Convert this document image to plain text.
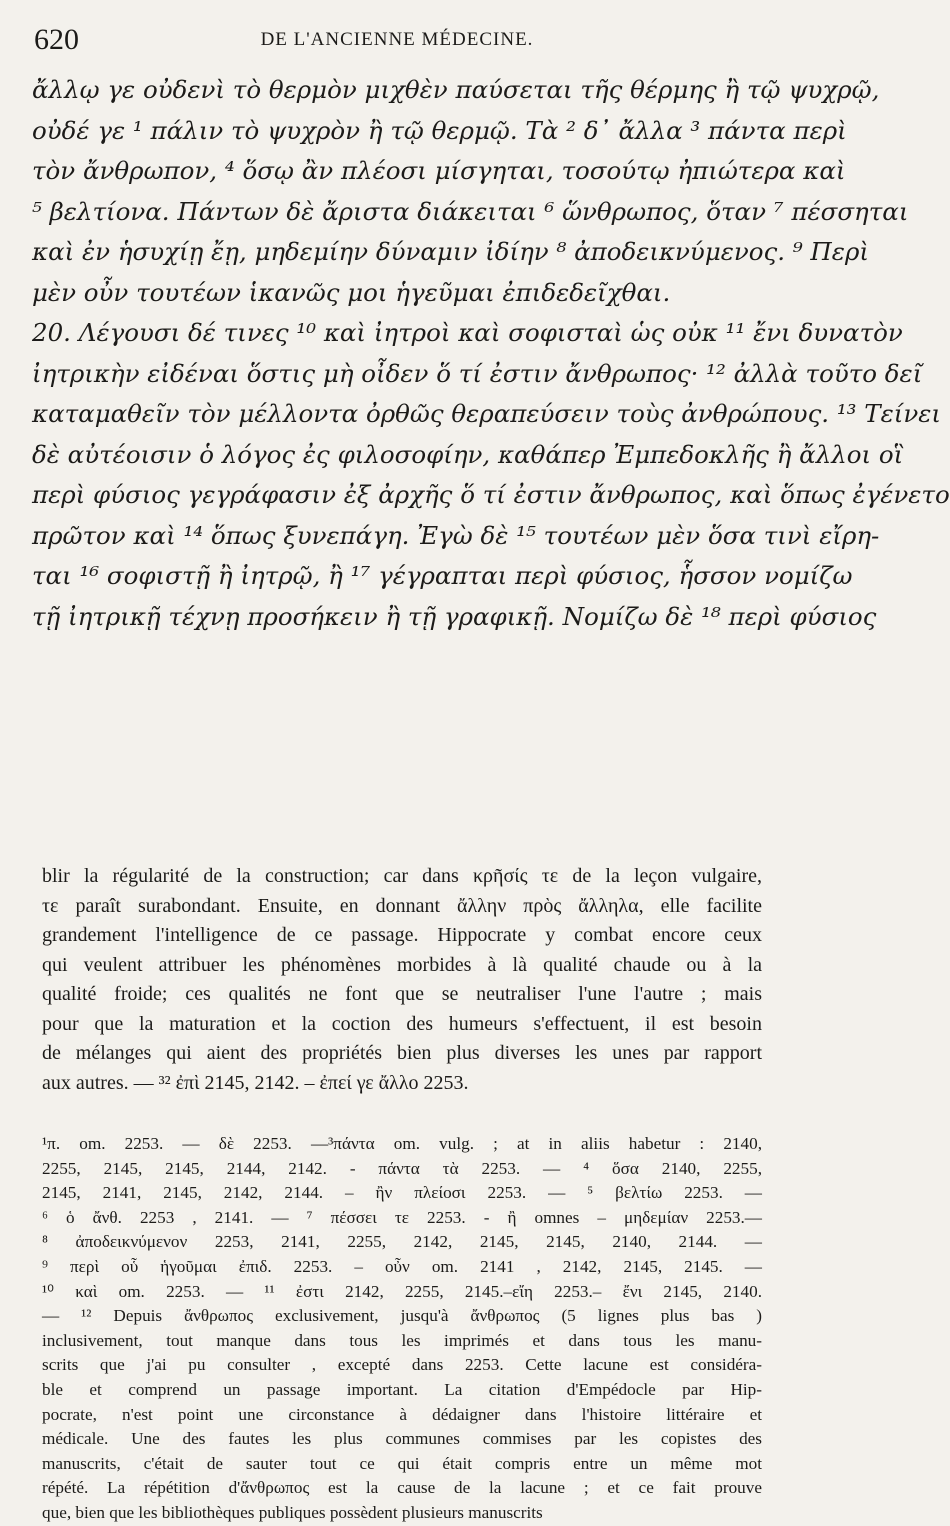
620	DE L'ANCIENNE MÉDECINE.
ἄλλῳ γε οὐδενὶ τὸ θερμὸν μιχθὲν παύσεται τῆς θέρμης ἢ τῷ ψυχρῷ,
οὐδέ γε ¹ πάλιν τὸ ψυχρὸν ἢ τῷ θερμῷ. Τὰ ² δ᾽ ἄλλα ³ πάντα περὶ
τὸν ἄνθρωπον, ⁴ ὅσῳ ἂν πλέοσι μίσγηται, τοσούτῳ ἠπιώτερα καὶ
⁵ βελτίονα. Πάντων δὲ ἄριστα διάκειται ⁶ ὥνθρωπος, ὅταν ⁷ πέσσηται
καὶ ἐν ἡσυχίῃ ἔῃ, μηδεμίην δύναμιν ἰδίην ⁸ ἀποδεικνύμενος. ⁹ Περὶ
μὲν οὖν τουτέων ἱκανῶς μοι ἡγεῦμαι ἐπιδεδεῖχθαι.
20. Λέγουσι δέ τινες ¹⁰ καὶ ἰητροὶ καὶ σοφισταὶ ὡς οὐκ ¹¹ ἔνι δυνατὸν
ἰητρικὴν εἰδέναι ὅστις μὴ οἶδεν ὅ τί ἐστιν ἄνθρωπος· ¹² ἀλλὰ τοῦτο δεῖ
καταμαθεῖν τὸν μέλλοντα ὀρθῶς θεραπεύσειν τοὺς ἀνθρώπους. ¹³ Τείνει
δὲ αὐτέοισιν ὁ λόγος ἐς φιλοσοφίην, καθάπερ Ἐμπεδοκλῆς ἢ ἄλλοι οἳ
περὶ φύσιος γεγράφασιν ἐξ ἀρχῆς ὅ τί ἐστιν ἄνθρωπος, καὶ ὅπως ἐγένετο
πρῶτον καὶ ¹⁴ ὅπως ξυνεπάγη. Ἐγὼ δὲ ¹⁵ τουτέων μὲν ὅσα τινὶ εἴρη-
ται ¹⁶ σοφιστῇ ἢ ἰητρῷ, ἢ ¹⁷ γέγραπται περὶ φύσιος, ἧσσον νομίζω
τῇ ἰητρικῇ τέχνῃ προσήκειν ἢ τῇ γραφικῇ. Νομίζω δὲ ¹⁸ περὶ φύσιος
blir la régularité de la construction; car dans κρῆσίς τε de la leçon vulgaire,
τε paraît surabondant. Ensuite, en donnant ἄλλην πρὸς ἄλληλα, elle facilite
grandement l'intelligence de ce passage. Hippocrate y combat encore ceux
qui veulent attribuer les phénomènes morbides à là qualité chaude ou à la
qualité froide; ces qualités ne font que se neutraliser l'une l'autre ; mais
pour que la maturation et la coction des humeurs s'effectuent, il est besoin
de mélanges qui aient des propriétés bien plus diverses les unes par rapport
aux autres. — ³² ἐπὶ 2145, 2142. – ἐπεί γε ἄλλο 2253.
¹π. om. 2253. — δὲ 2253. —³πάντα om. vulg. ; at in aliis habetur : 2140,
2255, 2145, 2145, 2144, 2142. - πάντα τὰ 2253. — ⁴ ὅσα 2140, 2255,
2145, 2141, 2145, 2142, 2144. – ἢν πλείοσι 2253. — ⁵ βελτίω 2253. —
⁶ ὁ ἄνθ. 2253 , 2141. — ⁷ πέσσει τε 2253. - ἢ omnes – μηδεμίαν 2253.—
⁸ ἀποδεικνύμενον 2253, 2141, 2255, 2142, 2145, 2145, 2140, 2144. —
⁹ περὶ οὗ ἡγοῦμαι ἐπιδ. 2253. – οὖν om. 2141 , 2142, 2145, 2145. —
¹⁰ καὶ om. 2253. — ¹¹ ἐστι 2142, 2255, 2145.–εἴη 2253.– ἔνι 2145, 2140.
— ¹² Depuis ἄνθρωπος exclusivement, jusqu'à ἄνθρωπος (5 lignes plus bas )
inclusivement, tout manque dans tous les imprimés et dans tous les manu-
scrits que j'ai pu consulter , excepté dans 2253. Cette lacune est considéra-
ble et comprend un passage important. La citation d'Empédocle par Hip-
pocrate, n'est point une circonstance à dédaigner dans l'histoire littéraire et
médicale. Une des fautes les plus communes commises par les copistes des
manuscrits, c'était de sauter tout ce qui était compris entre un même mot
répété. La répétition d'ἄνθρωπος est la cause de la lacune ; et ce fait prouve
que, bien que les bibliothèques publiques possèdent plusieurs manuscrits
